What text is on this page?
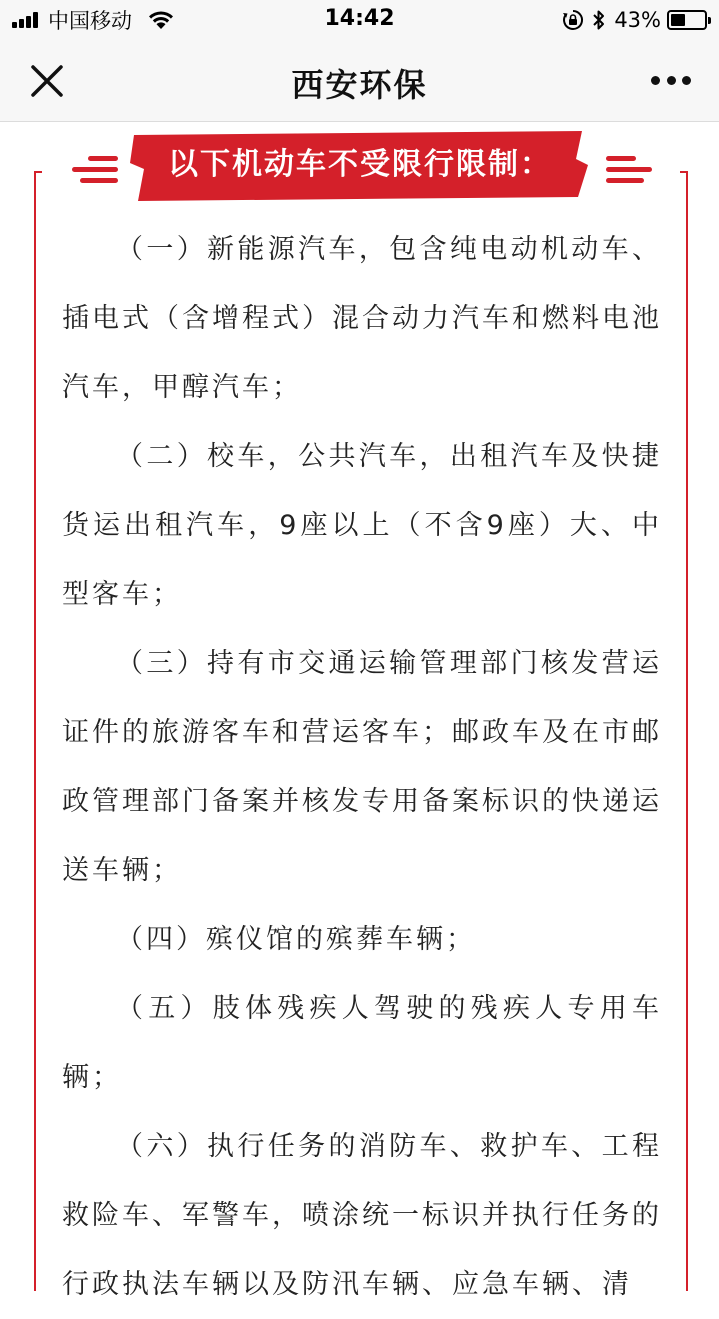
中国移动	14:42	43%
西安环保
以下机动车不受限行限制：

（一）新能源汽车，包含纯电动机动车、插电式（含增程式）混合动力汽车和燃料电池汽车，甲醇汽车；

（二）校车，公共汽车，出租汽车及快捷货运出租汽车，9座以上（不含9座）大、中型客车；

（三）持有市交通运输管理部门核发营运证件的旅游客车和营运客车；邮政车及在市邮政管理部门备案并核发专用备案标识的快递运送车辆；

（四）殡仪馆的殡葬车辆；

（五）肢体残疾人驾驶的残疾人专用车辆；

（六）执行任务的消防车、救护车、工程救险车、军警车，喷涂统一标识并执行任务的行政执法车辆以及防汛车辆、应急车辆、清
